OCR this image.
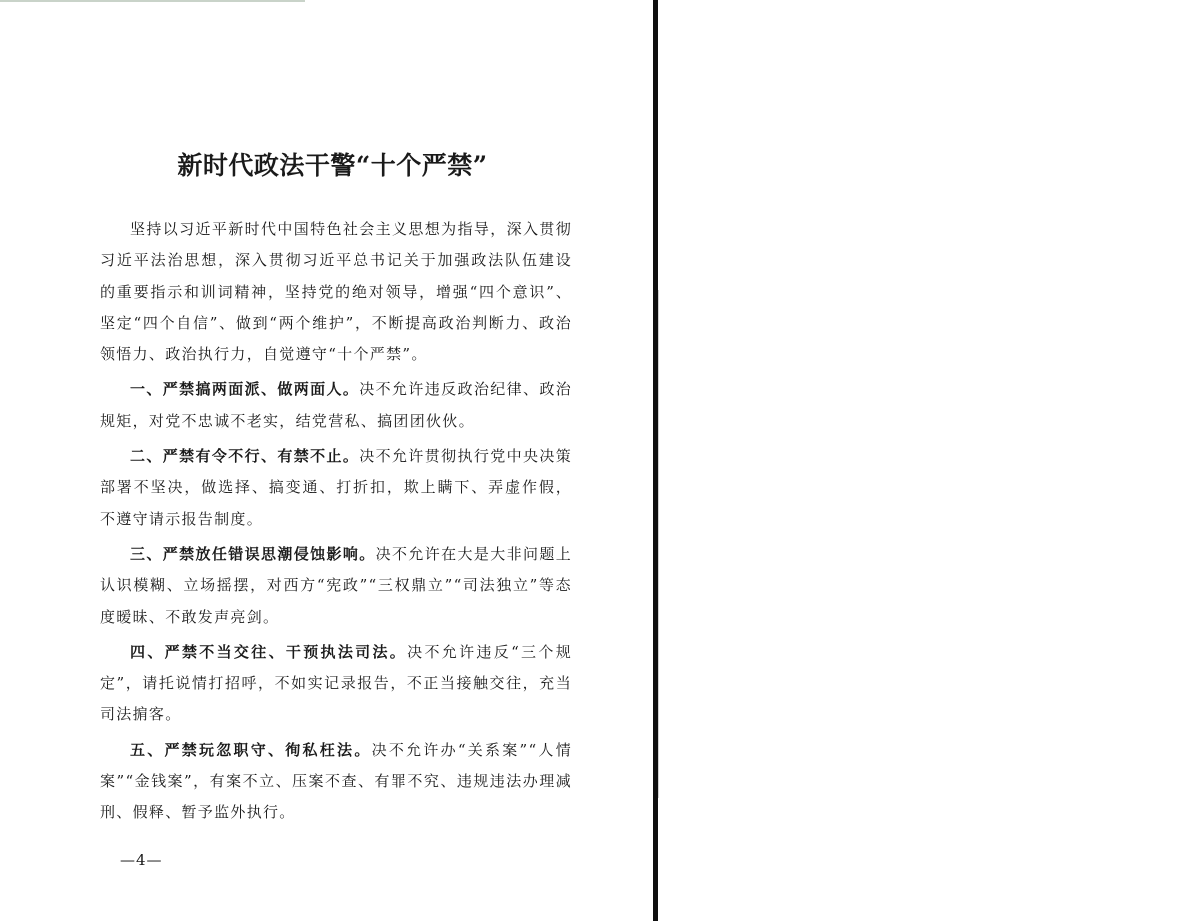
新时代政法干警“十个严禁”

坚持以习近平新时代中国特色社会主义思想为指导，深入贯彻习近平法治思想，深入贯彻习近平总书记关于加强政法队伍建设的重要指示和训词精神，坚持党的绝对领导，增强“四个意识”、坚定“四个自信”、做到“两个维护”，不断提高政治判断力、政治领悟力、政治执行力，自觉遵守“十个严禁”。

一、严禁搞两面派、做两面人。决不允许违反政治纪律、政治规矩，对党不忠诚不老实，结党营私、搞团团伙伙。

二、严禁有令不行、有禁不止。决不允许贯彻执行党中央决策部署不坚决，做选择、搞变通、打折扣，欺上瞒下、弄虚作假，不遵守请示报告制度。

三、严禁放任错误思潮侵蚀影响。决不允许在大是大非问题上认识模糊、立场摇摆，对西方“宪政”“三权鼎立”“司法独立”等态度暧昧、不敢发声亮剑。

四、严禁不当交往、干预执法司法。决不允许违反“三个规定”，请托说情打招呼，不如实记录报告，不正当接触交往，充当司法掮客。

五、严禁玩忽职守、徇私枉法。决不允许办“关系案”“人情案”“金钱案”，有案不立、压案不查、有罪不究、违规违法办理减刑、假释、暂予监外执行。

—4—
